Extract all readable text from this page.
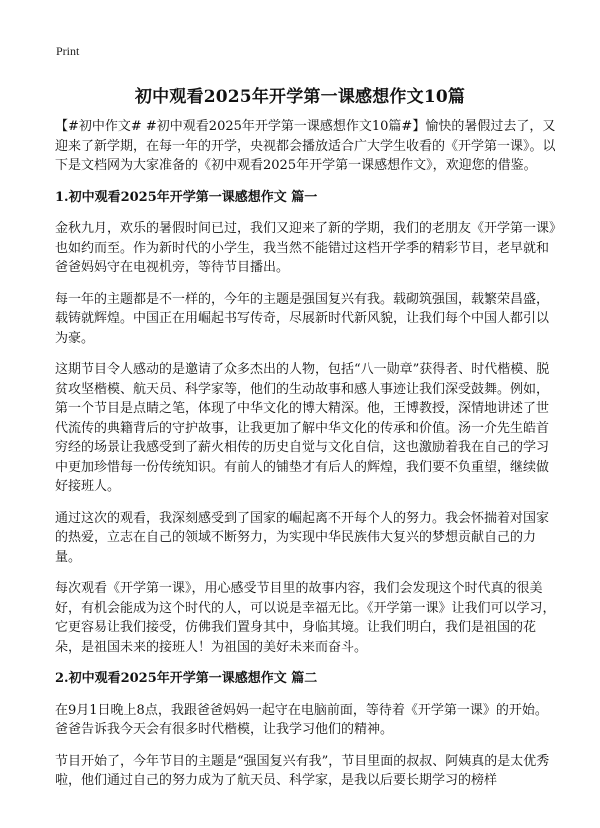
Print
初中观看2025年开学第一课感想作文10篇

【#初中作文# #初中观看2025年开学第一课感想作文10篇#】愉快的暑假过去了，又迎来了新学期，在每一年的开学，央视都会播放适合广大学生收看的《开学第一课》。以下是文档网为大家准备的《初中观看2025年开学第一课感想作文》，欢迎您的借鉴。

1.初中观看2025年开学第一课感想作文 篇一

金秋九月，欢乐的暑假时间已过，我们又迎来了新的学期，我们的老朋友《开学第一课》也如约而至。作为新时代的小学生，我当然不能错过这档开学季的精彩节目，老早就和爸爸妈妈守在电视机旁，等待节目播出。

每一年的主题都是不一样的，今年的主题是强国复兴有我。载砌筑强国，载繁荣昌盛，载铸就辉煌。中国正在用崛起书写传奇，尽展新时代新风貌，让我们每个中国人都引以为豪。

这期节目令人感动的是邀请了众多杰出的人物，包括“八一勋章”获得者、时代楷模、脱贫攻坚楷模、航天员、科学家等，他们的生动故事和感人事迹让我们深受鼓舞。例如，第一个节目是点睛之笔，体现了中华文化的博大精深。他，王博教授，深情地讲述了世代流传的典籍背后的守护故事，让我更加了解中华文化的传承和价值。汤一介先生皓首穷经的场景让我感受到了薪火相传的历史自觉与文化自信，这也激励着我在自己的学习中更加珍惜每一份传统知识。有前人的铺垫才有后人的辉煌，我们要不负重望，继续做好接班人。

通过这次的观看，我深刻感受到了国家的崛起离不开每个人的努力。我会怀揣着对国家的热爱，立志在自己的领域不断努力，为实现中华民族伟大复兴的梦想贡献自己的力量。

每次观看《开学第一课》，用心感受节目里的故事内容，我们会发现这个时代真的很美好，有机会能成为这个时代的人，可以说是幸福无比。《开学第一课》让我们可以学习，它更容易让我们接受，仿佛我们置身其中，身临其境。让我们明白，我们是祖国的花朵，是祖国未来的接班人！为祖国的美好未来而奋斗。

2.初中观看2025年开学第一课感想作文 篇二

在9月1日晚上8点，我跟爸爸妈妈一起守在电脑前面，等待着《开学第一课》的开始。爸爸告诉我今天会有很多时代楷模，让我学习他们的精神。

节目开始了，今年节目的主题是“强国复兴有我”，节目里面的叔叔、阿姨真的是太优秀啦，他们通过自己的努力成为了航天员、科学家，是我以后要长期学习的榜样
